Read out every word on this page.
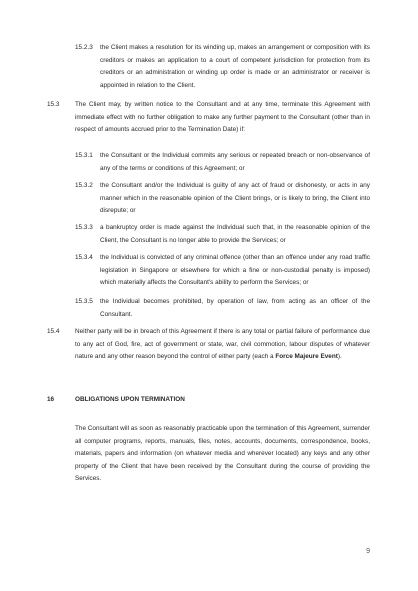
15.2.3 the Client makes a resolution for its winding up, makes an arrangement or composition with its creditors or makes an application to a court of competent jurisdiction for protection from its creditors or an administration or winding up order is made or an administrator or receiver is appointed in relation to the Client.
15.3 The Client may, by written notice to the Consultant and at any time, terminate this Agreement with immediate effect with no further obligation to make any further payment to the Consultant (other than in respect of amounts accrued prior to the Termination Date) if:
15.3.1 the Consultant or the Individual commits any serious or repeated breach or non-observance of any of the terms or conditions of this Agreement; or
15.3.2 the Consultant and/or the Individual is guilty of any act of fraud or dishonesty, or acts in any manner which in the reasonable opinion of the Client brings, or is likely to bring, the Client into disrepute; or
15.3.3 a bankruptcy order is made against the Individual such that, in the reasonable opinion of the Client, the Consultant is no longer able to provide the Services; or
15.3.4 the Individual is convicted of any criminal offence (other than an offence under any road traffic legislation in Singapore or elsewhere for which a fine or non-custodial penalty is imposed) which materially affects the Consultant's ability to perform the Services; or
15.3.5 the Individual becomes prohibited, by operation of law, from acting as an officer of the Consultant.
15.4 Neither party will be in breach of this Agreement if there is any total or partial failure of performance due to any act of God, fire, act of government or state, war, civil commotion, labour disputes of whatever nature and any other reason beyond the control of either party (each a Force Majeure Event).
16	OBLIGATIONS UPON TERMINATION
The Consultant will as soon as reasonably practicable upon the termination of this Agreement, surrender all computer programs, reports, manuals, files, notes, accounts, documents, correspondence, books, materials, papers and information (on whatever media and wherever located) any keys and any other property of the Client that have been received by the Consultant during the course of providing the Services.
9
